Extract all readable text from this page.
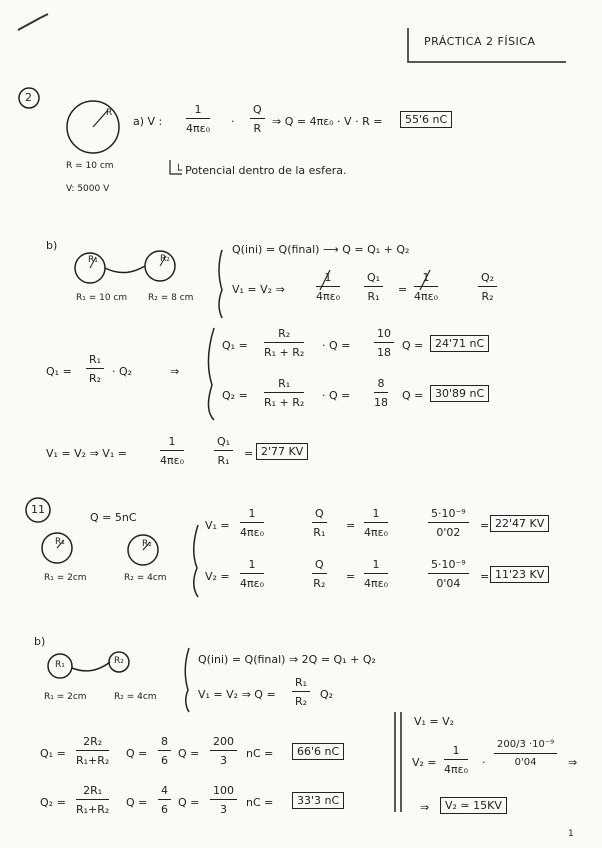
PRÁCTICA 2 FÍSICA
2
R
R = 10 cm
V: 5000 V
a) V : $\frac{1}{\text{4πε₀}} \cdot \frac{Q}{R}$ ⇒ Q = 4πε₀ · V · R =	55'6 nC
└ Potencial dentro de la esfera.
b)
R₁	R₂
R₁ = 10 cm R₂ = 8 cm
Q(ini) = Q(final) ⟶ Q = Q₁ + Q₂
V₁ = V₂ ⇒	$\frac{1}{\text{4πε₀}} \frac{\text{Q₁}}{\text{R₁}} = \frac{1}{\text{4πε₀}}$	$\frac{\text{Q₂}}{\text{R₂}}$
$Q_1 = \frac{\text{R₁}}{\text{R₂}} \cdot Q_2$	⇒
$Q_1 = \frac{\text{R₂}}{\text{R₁ + R₂}} \cdot Q = \frac{10}{18}$ Q =	24'71 nC
$Q_2 = \frac{\text{R₁}}{\text{R₁ + R₂}} \cdot Q = \frac{8}{18}$ Q =	30'89 nC
V₁ = V₂ ⇒ V₁ =	$\frac{1}{\text{4πε₀}}$	$\frac{\text{Q₁}}{\text{R₁}} = 2'77$ KV
11
Q = 5nC
R₁	R₂
R₁ = 2cm	R₂ = 4cm
$V_1 = \frac{1}{\text{4πε₀}}$	$\frac{Q}{\text{R₁}} = \frac{1}{\text{4πε₀}}$	$\frac{\text{5·10⁻⁹}}{0'02} = 22'47$ KV
$V_2 = \frac{1}{\text{4πε₀}}$	$\frac{Q}{\text{R₂}} = \frac{1}{\text{4πε₀}}$	$\frac{\text{5·10⁻⁹}}{0'04} = 11'23$ KV
b)
R₁	R₂
R₁ = 2cm	R₂ = 4cm
Q(ini) = Q(final) ⇒ 2Q = Q₁ + Q₂
V₁ = V₂ ⇒ $Q = \frac{\text{R₁}}{\text{R₂}} Q_2$
$Q_1 = \frac{\text{2R₂}}{\text{R₁+R₂}}$ $Q = \frac{8}{6}$ $Q = \frac{200}{3}$ nC =	66'6 nC
$Q_2 = \frac{\text{2R₁}}{\text{R₁+R₂}}$ $Q = \frac{4}{6}$ $Q = \frac{100}{3}$ nC =	33'3 nC
V₁ = V₂
$V_2 = \frac{1}{\text{4πε₀}} \cdot \frac{\text{200/3 ·10⁻⁹}}{0'04}$ ⇒
⇒	V₂ ≃ 15KV
1
